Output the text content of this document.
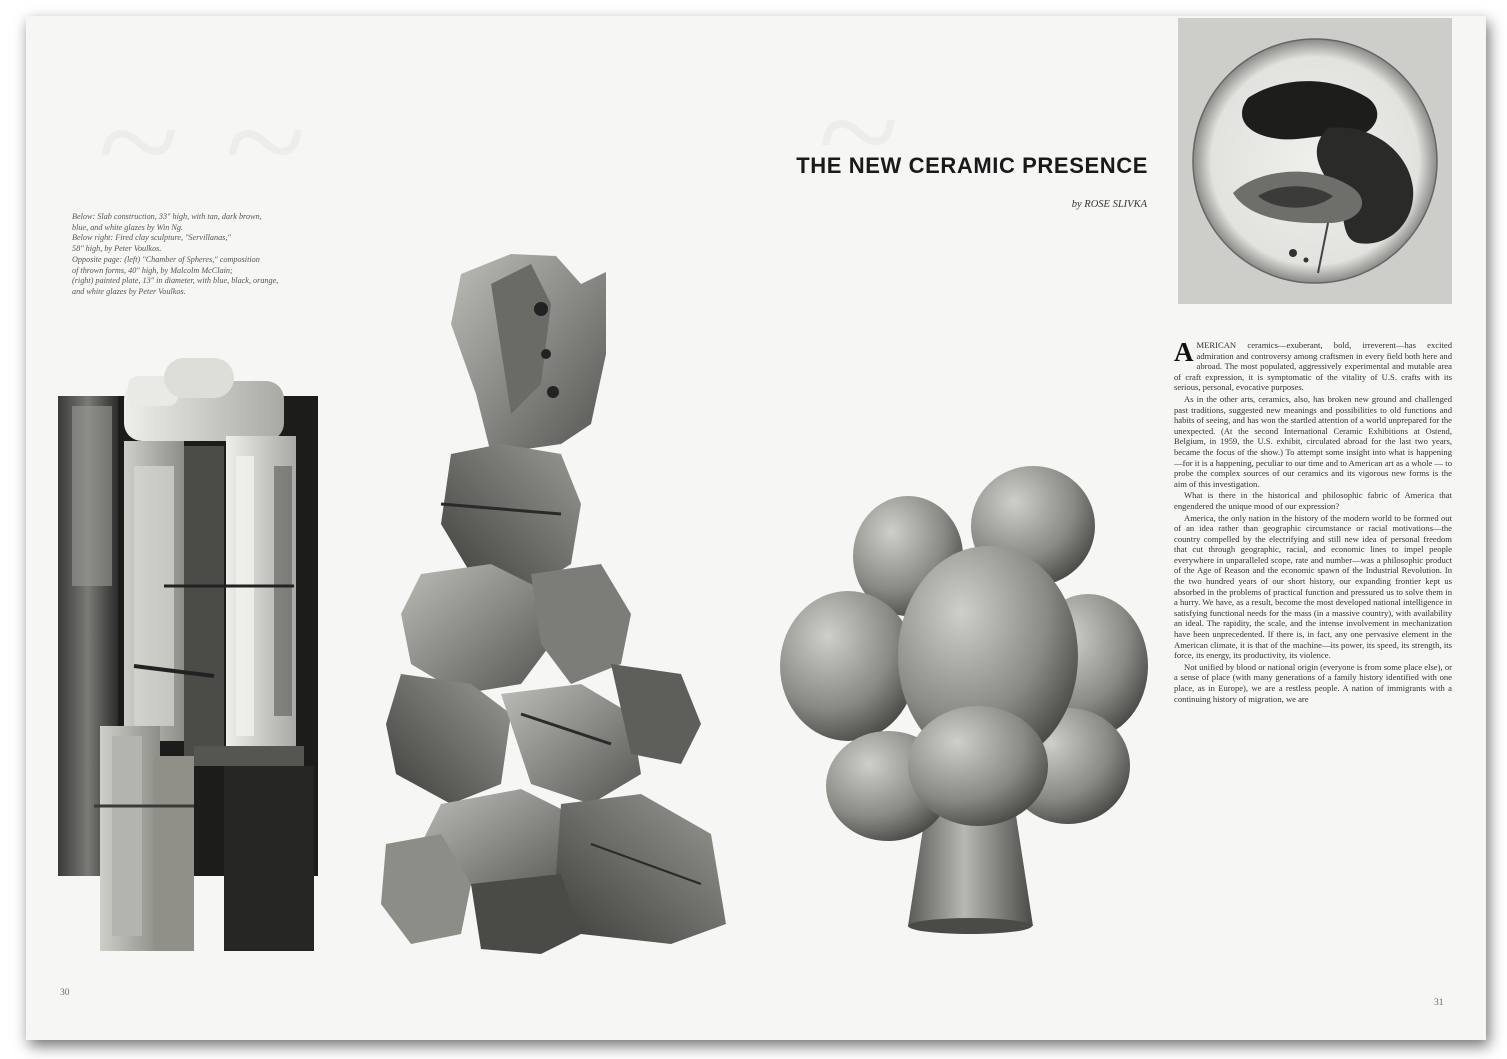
Below: Slab construction, 33" high, with tan, dark brown,
blue, and white glazes by Win Ng.
Below right: Fired clay sculpture, "Servillanas,"
58" high, by Peter Voulkos.
Opposite page: (left) "Chamber of Spheres," composition
of thrown forms, 40" high, by Malcolm McClain;
(right) painted plate, 13" in diameter, with blue, black, orange,
and white glazes by Peter Voulkos.
THE NEW CERAMIC PRESENCE
by ROSE SLIVKA

AMERICAN ceramics—exuberant, bold, irreverent—has excited admiration and controversy among craftsmen in every field both here and abroad. The most populated, aggressively experimental and mutable area of craft expression, it is symptomatic of the vitality of U.S. crafts with its serious, personal, evocative purposes.

As in the other arts, ceramics, also, has broken new ground and challenged past traditions, suggested new meanings and possibilities to old functions and habits of seeing, and has won the startled attention of a world unprepared for the unexpected. (At the second International Ceramic Exhibitions at Ostend, Belgium, in 1959, the U.S. exhibit, circulated abroad for the last two years, became the focus of the show.) To attempt some insight into what is happening—for it is a happening, peculiar to our time and to American art as a whole — to probe the complex sources of our ceramics and its vigorous new forms is the aim of this investigation.

What is there in the historical and philosophic fabric of America that engendered the unique mood of our expression?

America, the only nation in the history of the modern world to be formed out of an idea rather than geographic circumstance or racial motivations—the country compelled by the electrifying and still new idea of personal freedom that cut through geographic, racial, and economic lines to impel people everywhere in unparalleled scope, rate and number—was a philosophic product of the Age of Reason and the economic spawn of the Industrial Revolution. In the two hundred years of our short history, our expanding frontier kept us absorbed in the problems of practical function and pressured us to solve them in a hurry. We have, as a result, become the most developed national intelligence in satisfying functional needs for the mass (in a massive country), with availability an ideal. The rapidity, the scale, and the intense involvement in mechanization have been unprecedented. If there is, in fact, any one pervasive element in the American climate, it is that of the machine—its power, its speed, its strength, its force, its energy, its productivity, its violence.

Not unified by blood or national origin (everyone is from some place else), or a sense of place (with many generations of a family history identified with one place, as in Europe), we are a restless people. A nation of immigrants with a continuing history of migration, we are

30
31
